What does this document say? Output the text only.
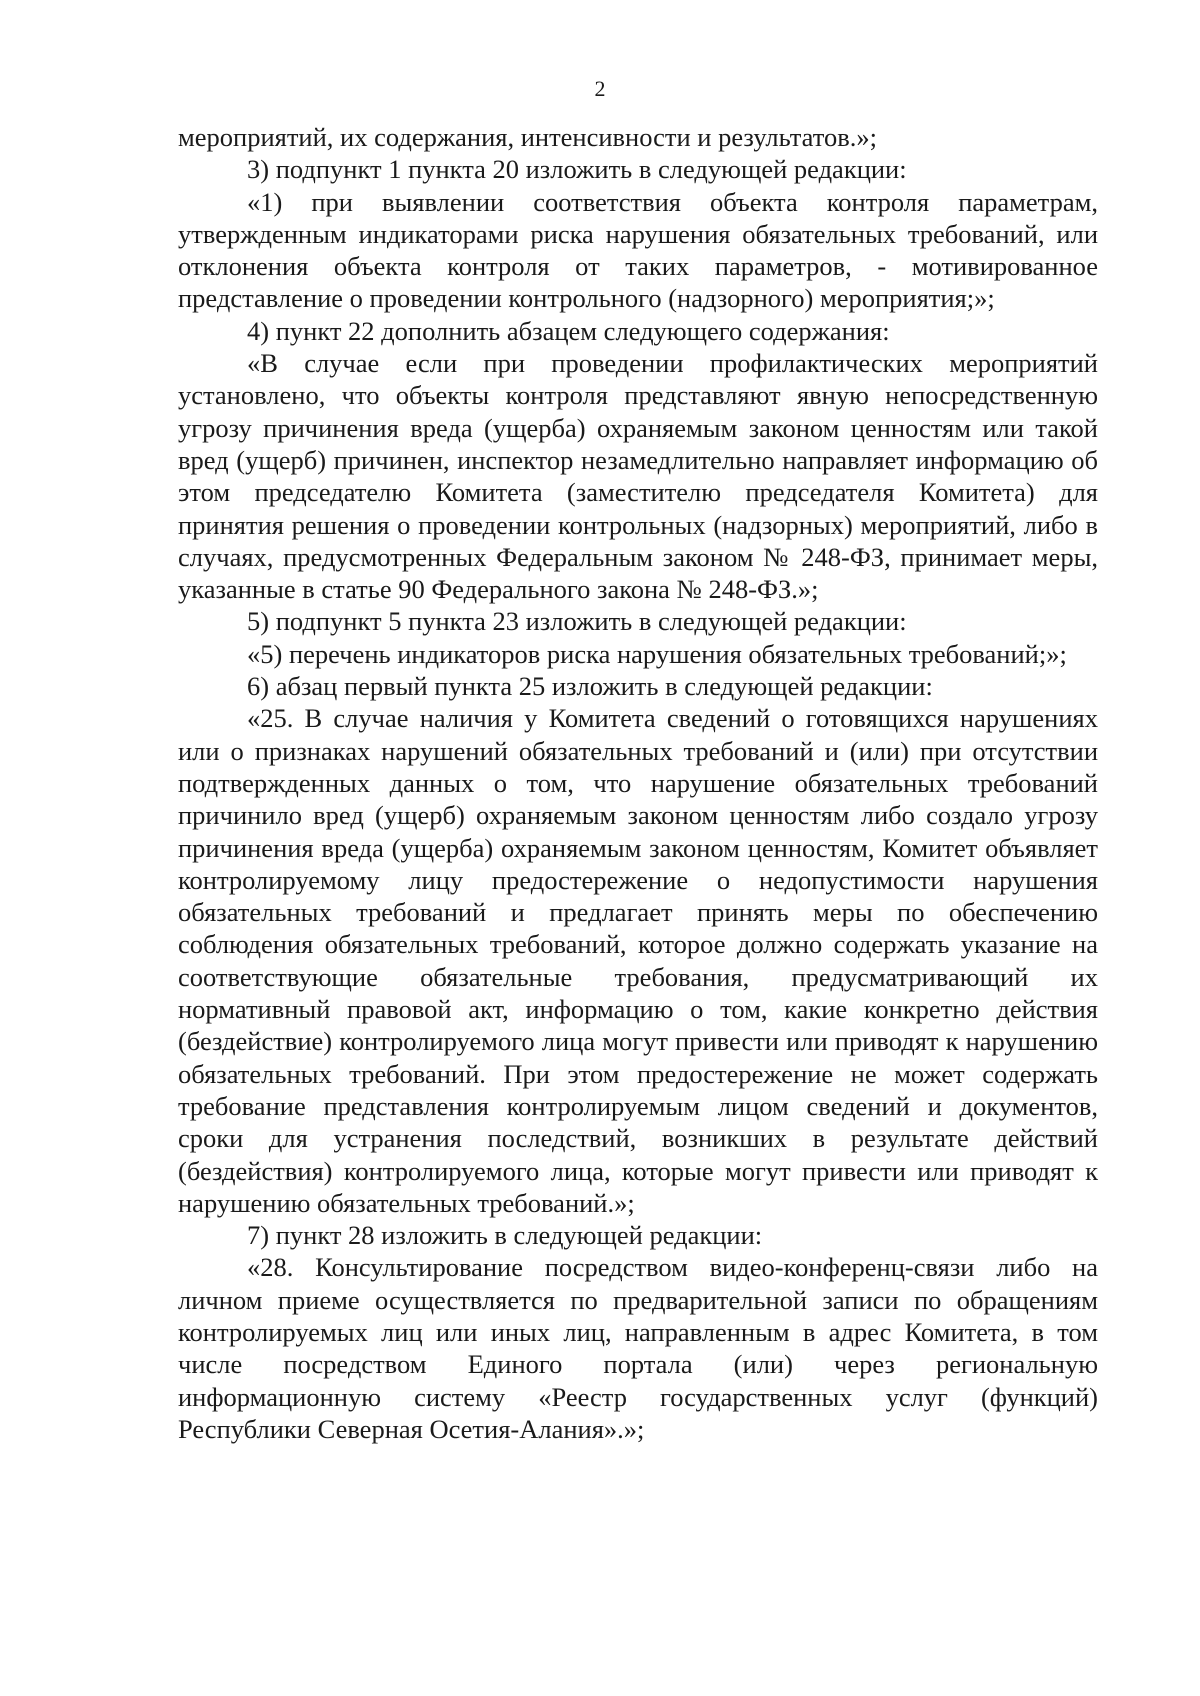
2

мероприятий, их содержания, интенсивности и результатов.»;

3) подпункт 1 пункта 20 изложить в следующей редакции:

«1) при выявлении соответствия объекта контроля параметрам, утвержденным индикаторами риска нарушения обязательных требований, или отклонения объекта контроля от таких параметров, - мотивированное представление о проведении контрольного (надзорного) мероприятия;»;

4) пункт 22 дополнить абзацем следующего содержания:

«В случае если при проведении профилактических мероприятий установлено, что объекты контроля представляют явную непосредственную угрозу причинения вреда (ущерба) охраняемым законом ценностям или такой вред (ущерб) причинен, инспектор незамедлительно направляет информацию об этом председателю Комитета (заместителю председателя Комитета) для принятия решения о проведении контрольных (надзорных) мероприятий, либо в случаях, предусмотренных Федеральным законом № 248-ФЗ, принимает меры, указанные в статье 90 Федерального закона № 248-ФЗ.»;

5) подпункт 5 пункта 23 изложить в следующей редакции:

«5) перечень индикаторов риска нарушения обязательных требований;»;

6) абзац первый пункта 25 изложить в следующей редакции:

«25. В случае наличия у Комитета сведений о готовящихся нарушениях или о признаках нарушений обязательных требований и (или) при отсутствии подтвержденных данных о том, что нарушение обязательных требований причинило вред (ущерб) охраняемым законом ценностям либо создало угрозу причинения вреда (ущерба) охраняемым законом ценностям, Комитет объявляет контролируемому лицу предостережение о недопустимости нарушения обязательных требований и предлагает принять меры по обеспечению соблюдения обязательных требований, которое должно содержать указание на соответствующие обязательные требования, предусматривающий их нормативный правовой акт, информацию о том, какие конкретно действия (бездействие) контролируемого лица могут привести или приводят к нарушению обязательных требований. При этом предостережение не может содержать требование представления контролируемым лицом сведений и документов, сроки для устранения последствий, возникших в результате действий (бездействия) контролируемого лица, которые могут привести или приводят к нарушению обязательных требований.»;

7) пункт 28 изложить в следующей редакции:

«28. Консультирование посредством видео-конференц-связи либо на личном приеме осуществляется по предварительной записи по обращениям контролируемых лиц или иных лиц, направленным в адрес Комитета, в том числе посредством Единого портала (или) через региональную информационную систему «Реестр государственных услуг (функций) Республики Северная Осетия-Алания».»;
